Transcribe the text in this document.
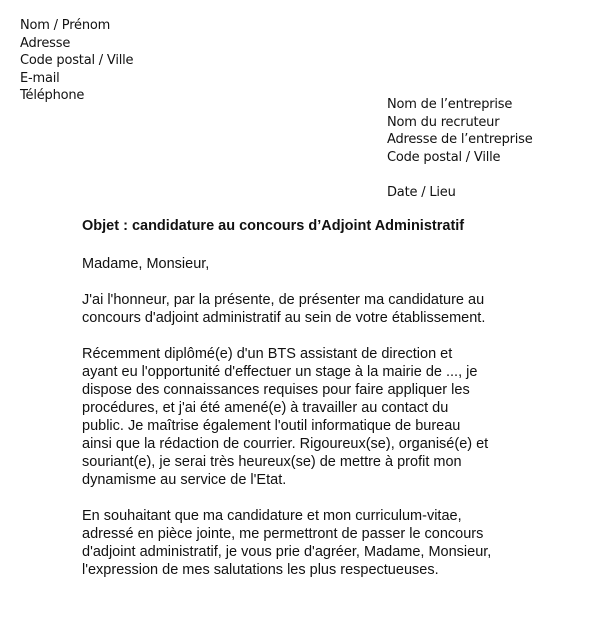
Nom / Prénom
Adresse
Code postal / Ville
E-mail
Téléphone
Nom de l’entreprise
Nom du recruteur
Adresse de l’entreprise
Code postal / Ville
Date / Lieu
Objet : candidature au concours d’Adjoint Administratif
Madame, Monsieur,
J'ai l'honneur, par la présente, de présenter ma candidature au
concours d'adjoint administratif au sein de votre établissement.
Récemment diplômé(e) d'un BTS assistant de direction et
ayant eu l'opportunité d'effectuer un stage à la mairie de ..., je
dispose des connaissances requises pour faire appliquer les
procédures, et j'ai été amené(e) à travailler au contact du
public. Je maîtrise également l'outil informatique de bureau
ainsi que la rédaction de courrier. Rigoureux(se), organisé(e) et
souriant(e), je serai très heureux(se) de mettre à profit mon
dynamisme au service de l'Etat.
En souhaitant que ma candidature et mon curriculum-vitae,
adressé en pièce jointe, me permettront de passer le concours
d'adjoint administratif, je vous prie d'agréer, Madame, Monsieur,
l'expression de mes salutations les plus respectueuses.
